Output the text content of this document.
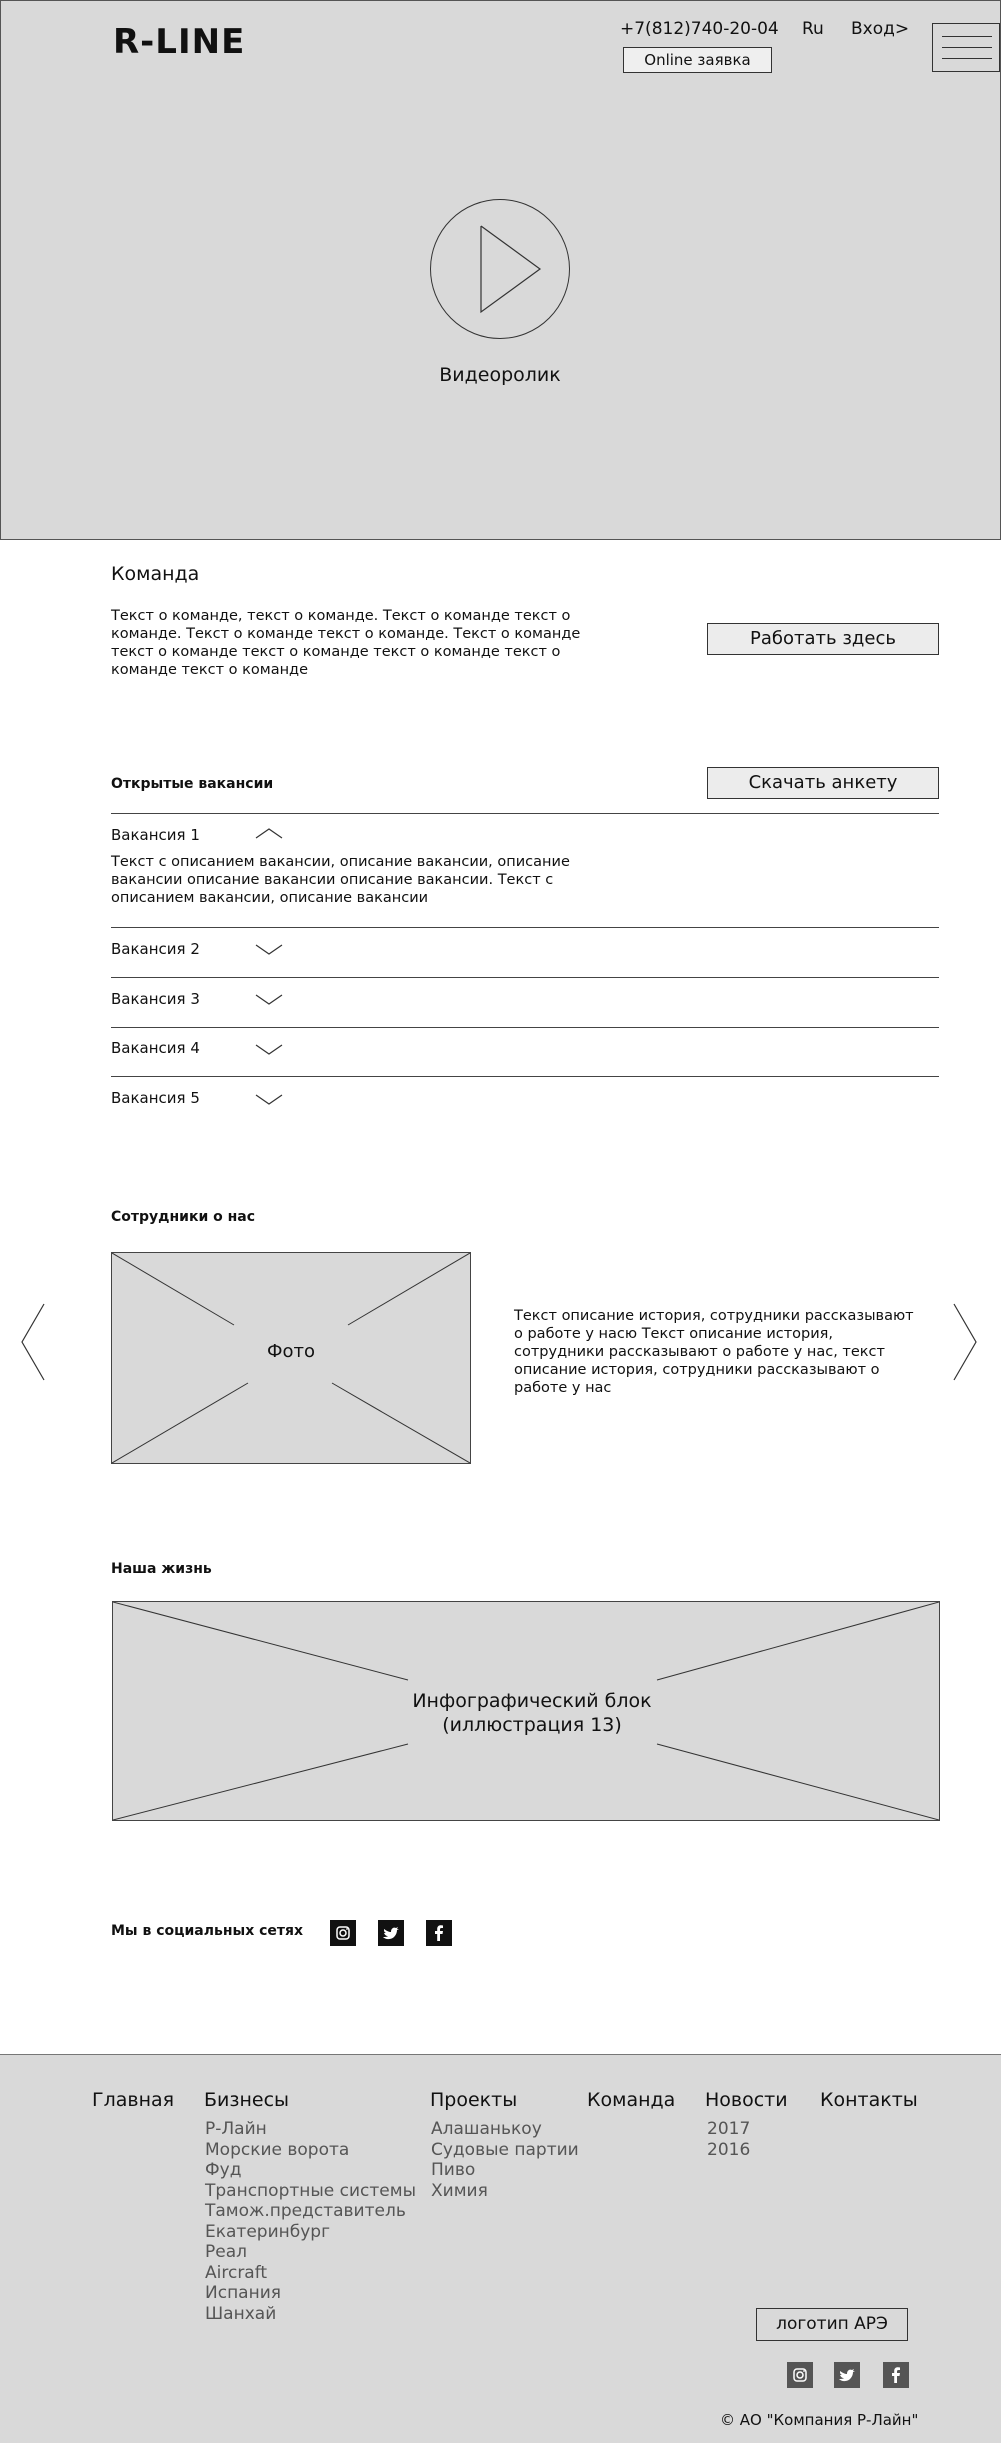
R-LINE	+7(812)740-20-04 Ru Вход>
Online заявка
Видеоролик
Команда
Текст о команде, текст о команде. Текст о команде текст о команде. Текст о команде текст о команде. Текст о команде текст о команде текст о команде текст о команде текст о команде текст о команде
Работать здесь
Открытые вакансии	Скачать анкету
Вакансия 1
Текст с описанием вакансии, описание вакансии, описание вакансии описание вакансии описание вакансии. Текст с описанием вакансии, описание вакансии
Вакансия 2
Вакансия 3
Вакансия 4
Вакансия 5
Сотрудники о нас
Фото
Текст описание история, сотрудники рассказывают о работе у насю Текст описание история, сотрудники рассказывают о работе у нас, текст описание история, сотрудники рассказывают о работе у нас
Наша жизнь
Инфографический блок
(иллюстрация 13)
Мы в социальных сетях
Главная Бизнесы
Р-Лайн
Морские ворота
Фуд
Транспортные системы
Тамож.представитель
Екатеринбург
Реал
Aircraft
Испания
Шанхай
Проекты
Алашанькоу
Судовые партии
Пиво
Химия
Команда Новости
2017
2016
Контакты
логотип АРЭ
© АО "Компания Р-Лайн"
